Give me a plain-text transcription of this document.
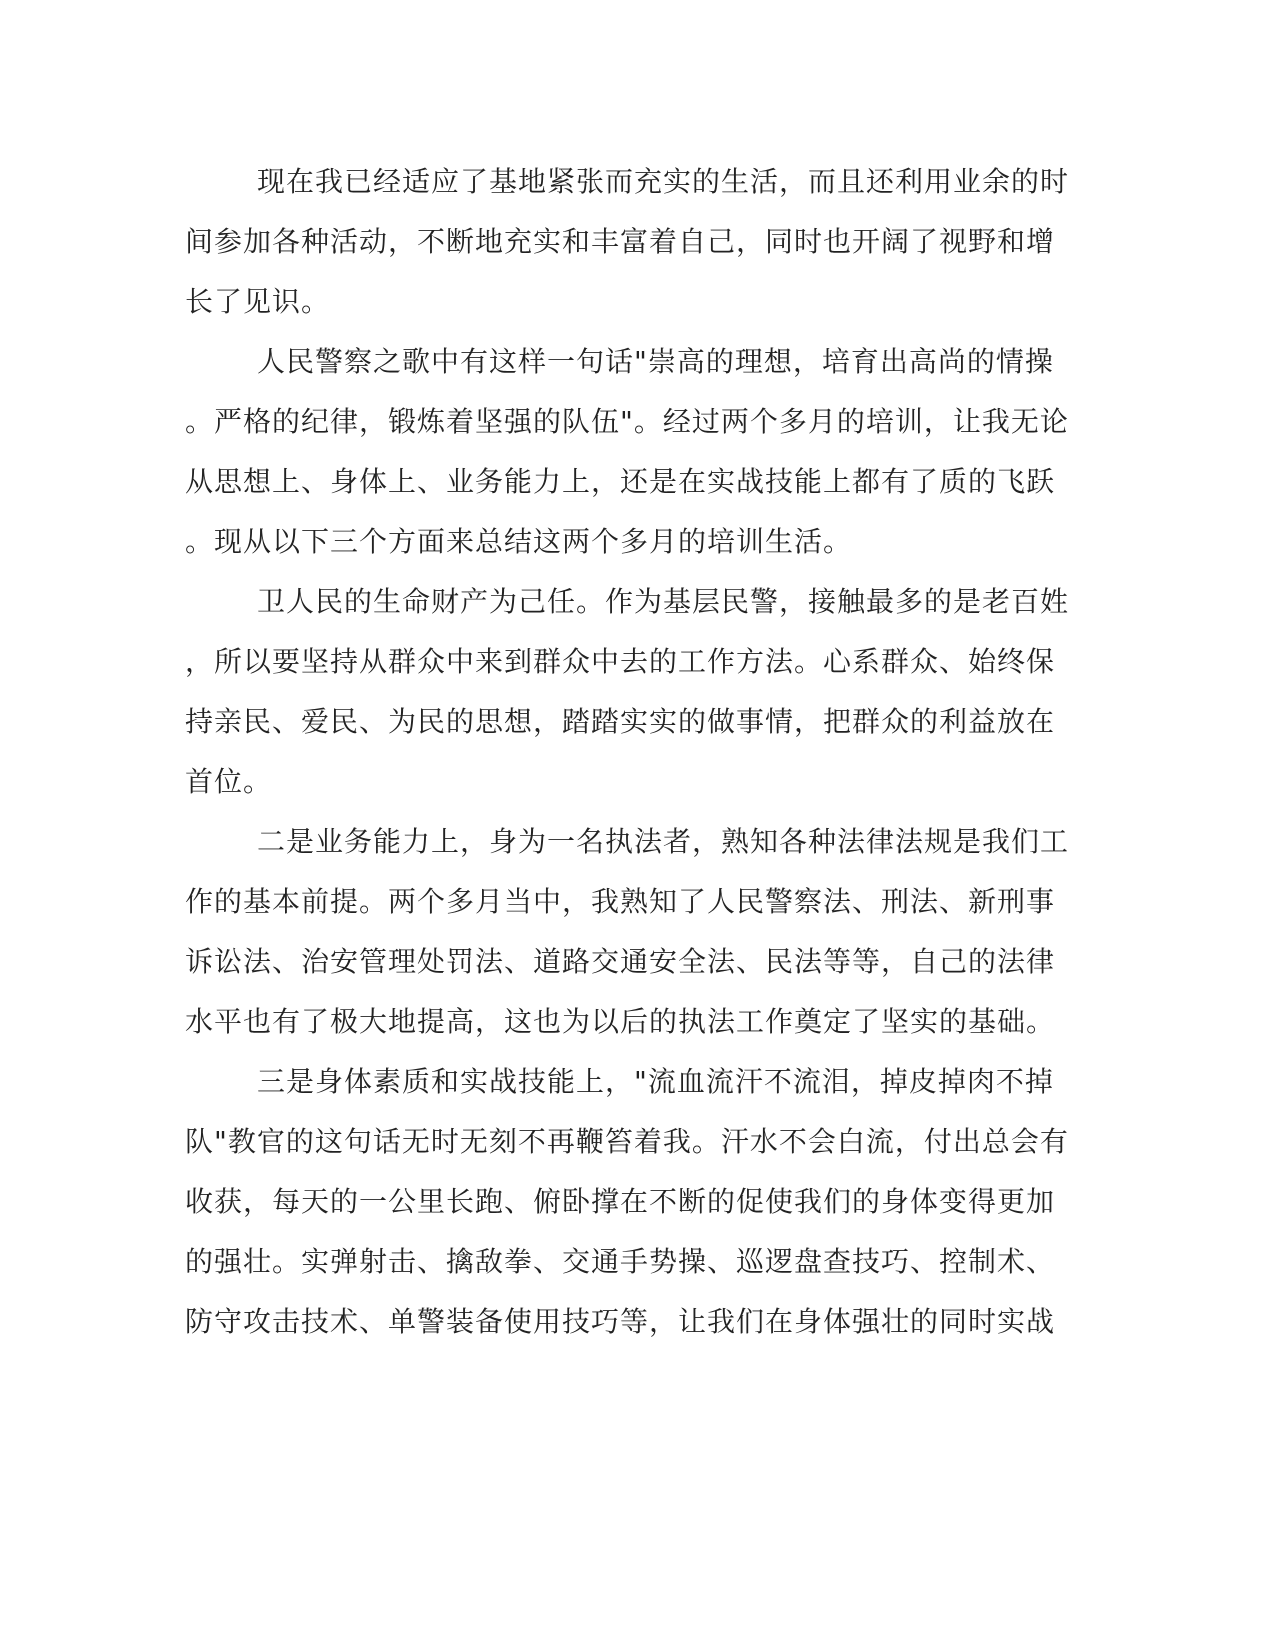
现在我已经适应了基地紧张而充实的生活，而且还利用业余的时
间参加各种活动，不断地充实和丰富着自己，同时也开阔了视野和增
长了见识。
人民警察之歌中有这样一句话"崇高的理想，培育出高尚的情操
。严格的纪律，锻炼着坚强的队伍"。经过两个多月的培训，让我无论
从思想上、身体上、业务能力上，还是在实战技能上都有了质的飞跃
。现从以下三个方面来总结这两个多月的培训生活。
卫人民的生命财产为己任。作为基层民警，接触最多的是老百姓
，所以要坚持从群众中来到群众中去的工作方法。心系群众、始终保
持亲民、爱民、为民的思想，踏踏实实的做事情，把群众的利益放在
首位。
二是业务能力上，身为一名执法者，熟知各种法律法规是我们工
作的基本前提。两个多月当中，我熟知了人民警察法、刑法、新刑事
诉讼法、治安管理处罚法、道路交通安全法、民法等等，自己的法律
水平也有了极大地提高，这也为以后的执法工作奠定了坚实的基础。
三是身体素质和实战技能上，"流血流汗不流泪，掉皮掉肉不掉
队"教官的这句话无时无刻不再鞭笞着我。汗水不会白流，付出总会有
收获，每天的一公里长跑、俯卧撑在不断的促使我们的身体变得更加
的强壮。实弹射击、擒敌拳、交通手势操、巡逻盘查技巧、控制术、
防守攻击技术、单警装备使用技巧等，让我们在身体强壮的同时实战
